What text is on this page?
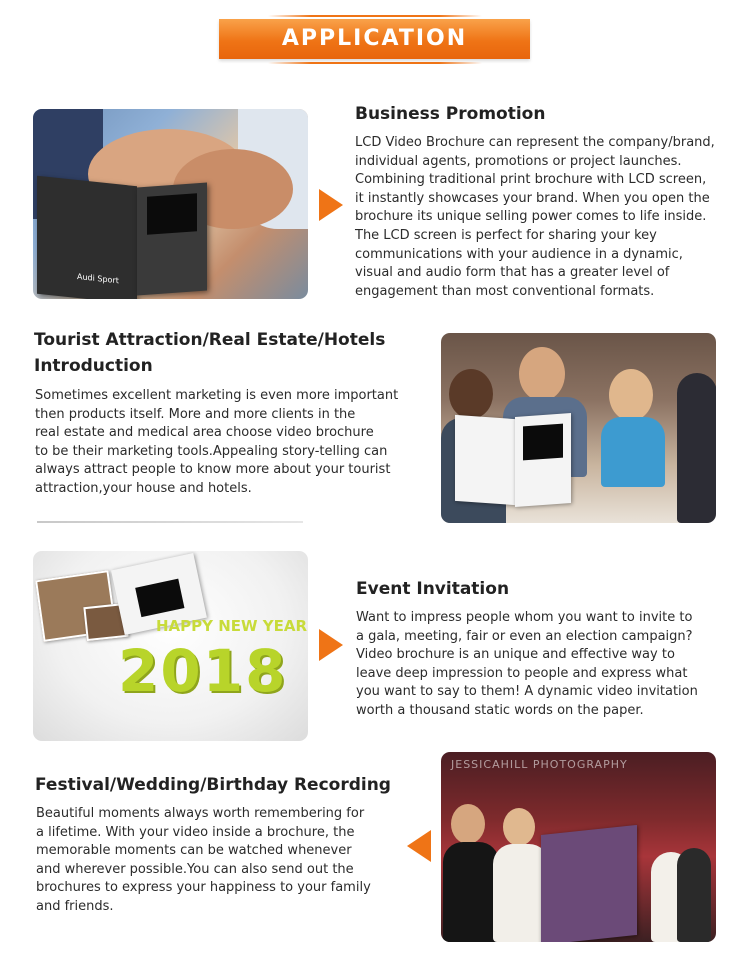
APPLICATION
Audi Sport
Business Promotion
LCD Video Brochure can represent the company/brand,
individual agents, promotions or project launches.
Combining traditional print brochure with LCD screen,
it instantly showcases your brand. When you open the
brochure its unique selling power comes to life inside.
The LCD screen is perfect for sharing your key
communications with your audience in a dynamic,
visual and audio form that has a greater level of
engagement than most conventional formats.
Tourist Attraction/Real Estate/Hotels
Introduction
Sometimes excellent marketing is even more important
then products itself. More and more clients in the
real estate and medical area choose video brochure
to be their marketing tools.Appealing story-telling can
always attract people to know more about your tourist
attraction,your house and hotels.
HAPPY NEW YEAR
2018
Event Invitation
Want to impress people whom you want to invite to
a gala, meeting, fair or even an election campaign?
Video brochure is an unique and effective way to
leave deep impression to people and express what
you want to say to them! A dynamic video invitation
worth a thousand static words on the paper.
Festival/Wedding/Birthday Recording
Beautiful moments always worth remembering for
a lifetime. With your video inside a brochure, the
memorable moments can be watched whenever
and wherever possible.You can also send out the
brochures to express your happiness to your family
and friends.
JESSICAHILL PHOTOGRAPHY
